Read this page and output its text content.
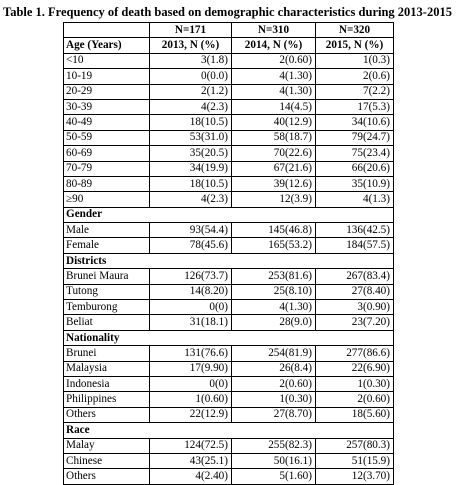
Table 1. Frequency of death based on demographic characteristics during 2013-2015
	N=171	N=310	N=320
Age (Years)	2013, N (%)	2014, N (%)	2015, N (%)
<10	3(1.8)	2(0.60)	1(0.3)
10-19	0(0.0)	4(1.30)	2(0.6)
20-29	2(1.2)	4(1.30)	7(2.2)
30-39	4(2.3)	14(4.5)	17(5.3)
40-49	18(10.5)	40(12.9)	34(10.6)
50-59	53(31.0)	58(18.7)	79(24.7)
60-69	35(20.5)	70(22.6)	75(23.4)
70-79	34(19.9)	67(21.6)	66(20.6)
80-89	18(10.5)	39(12.6)	35(10.9)
≥90	4(2.3)	12(3.9)	4(1.3)
Gender			
Male	93(54.4)	145(46.8)	136(42.5)
Female	78(45.6)	165(53.2)	184(57.5)
Districts			
Brunei Maura	126(73.7)	253(81.6)	267(83.4)
Tutong	14(8.20)	25(8.10)	27(8.40)
Temburong	0(0)	4(1.30)	3(0.90)
Beliat	31(18.1)	28(9.0)	23(7.20)
Nationality			
Brunei	131(76.6)	254(81.9)	277(86.6)
Malaysia	17(9.90)	26(8.4)	22(6.90)
Indonesia	0(0)	2(0.60)	1(0.30)
Philippines	1(0.60)	1(0.30)	2(0.60)
Others	22(12.9)	27(8.70)	18(5.60)
Race			
Malay	124(72.5)	255(82.3)	257(80.3)
Chinese	43(25.1)	50(16.1)	51(15.9)
Others	4(2.40)	5(1.60)	12(3.70)
